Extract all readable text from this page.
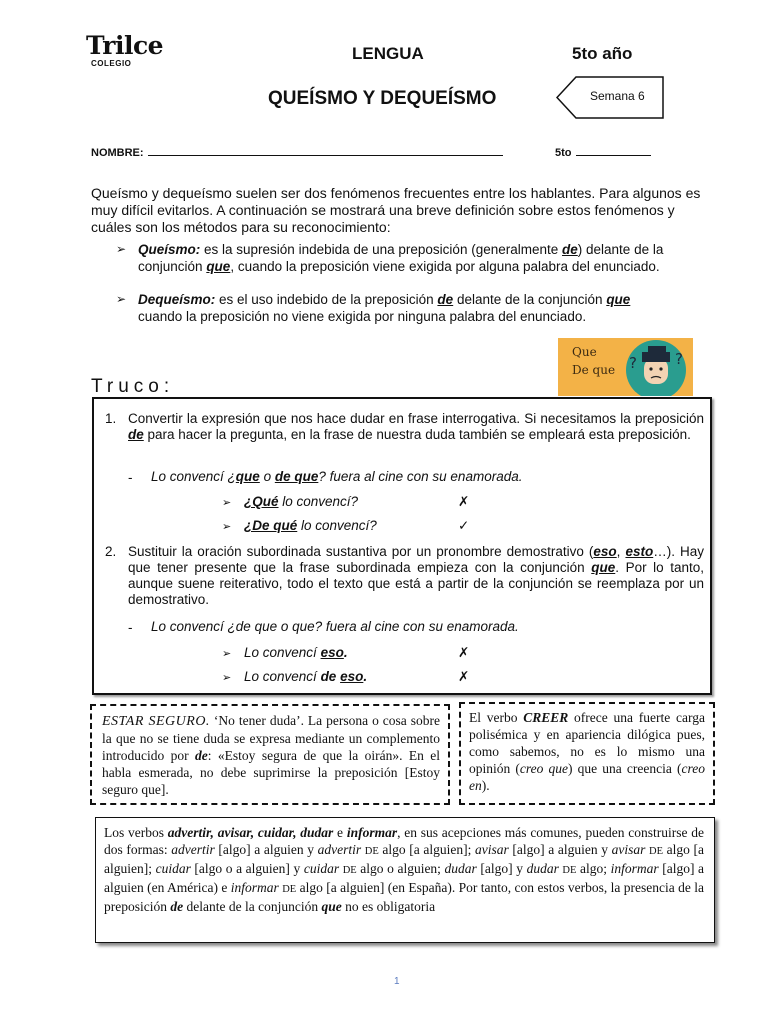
Trilce
COLEGIO
LENGUA	5to año
QUEÍSMO Y DEQUEÍSMO	Semana 6
NOMBRE:	5to
Queísmo y dequeísmo suelen ser dos fenómenos frecuentes entre los hablantes. Para algunos es muy difícil evitarlos. A continuación se mostrará una breve definición sobre estos fenómenos y cuáles son los métodos para su reconocimiento:
➢ Queísmo: es la supresión indebida de una preposición (generalmente de) delante de la conjunción que, cuando la preposición viene exigida por alguna palabra del enunciado.
➢ Dequeísmo: es el uso indebido de la preposición de delante de la conjunción que cuando la preposición no viene exigida por ninguna palabra del enunciado.
Que
De que ?	?
Truco:
1. Convertir la expresión que nos hace dudar en frase interrogativa. Si necesitamos la preposición de para hacer la pregunta, en la frase de nuestra duda también se empleará esta preposición.
- Lo convencí ¿que o de que? fuera al cine con su enamorada.
➢ ¿Qué lo convencí?	✗
➢ ¿De qué lo convencí?	✓
2. Sustituir la oración subordinada sustantiva por un pronombre demostrativo (eso, esto…). Hay que tener presente que la frase subordinada empieza con la conjunción que. Por lo tanto, aunque suene reiterativo, todo el texto que está a partir de la conjunción se reemplaza por un demostrativo.
- Lo convencí ¿de que o que? fuera al cine con su enamorada.
➢ Lo convencí eso.	✗
➢ Lo convencí de eso.	✗
ESTAR SEGURO. ‘No tener duda’. La persona o cosa sobre la que no se tiene duda se expresa mediante un complemento introducido por de: «Estoy segura de que la oirán». En el habla esmerada, no debe suprimirse la preposición [Estoy seguro que].
El verbo CREER ofrece una fuerte carga polisémica y en apariencia dilógica pues, como sabemos, no es lo mismo una opinión (creo que) que una creencia (creo en).
Los verbos advertir, avisar, cuidar, dudar e informar, en sus acepciones más comunes, pueden construirse de dos formas: advertir [algo] a alguien y advertir DE algo [a alguien]; avisar [algo] a alguien y avisar DE algo [a alguien]; cuidar [algo o a alguien] y cuidar DE algo o alguien; dudar [algo] y dudar DE algo; informar [algo] a alguien (en América) e informar DE algo [a alguien] (en España). Por tanto, con estos verbos, la presencia de la preposición de delante de la conjunción que no es obligatoria
1
